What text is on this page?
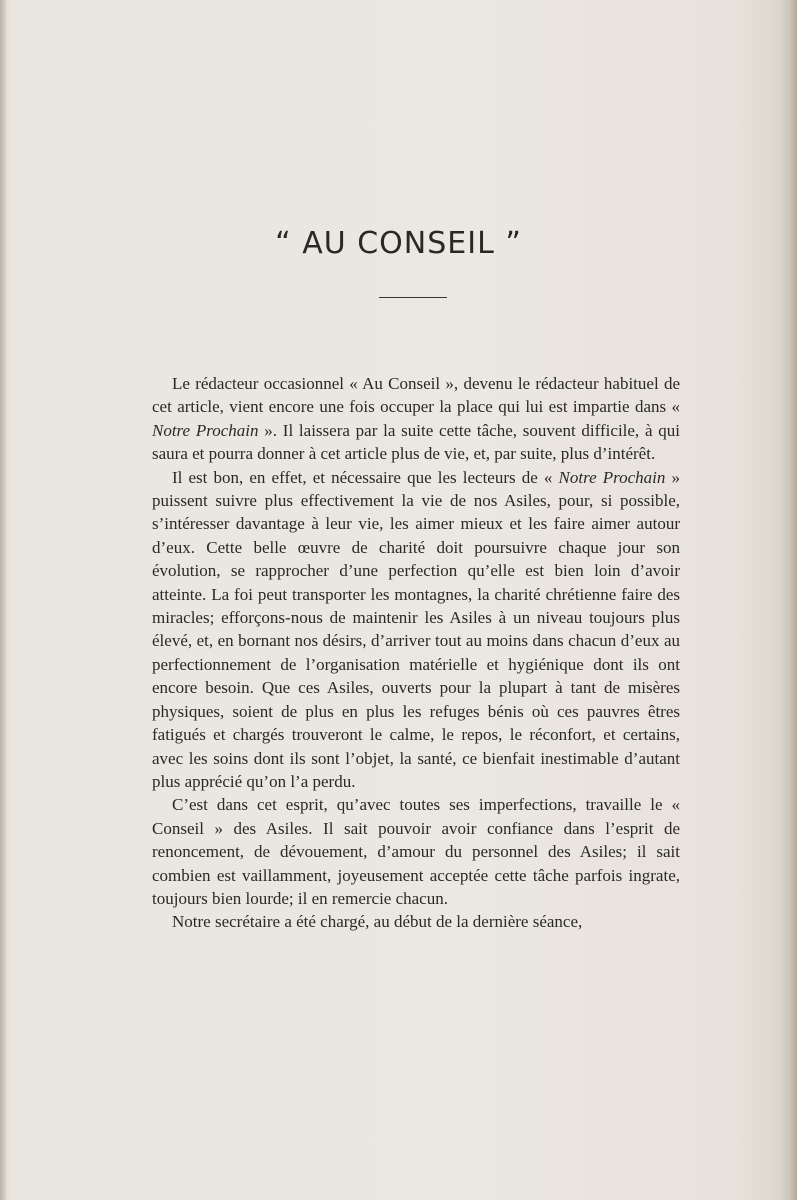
“ AU CONSEIL ”

Le rédacteur occasionnel « Au Conseil », devenu le rédacteur habituel de cet article, vient encore une fois occuper la place qui lui est impartie dans « Notre Prochain ». Il laissera par la suite cette tâche, souvent difficile, à qui saura et pourra donner à cet article plus de vie, et, par suite, plus d’intérêt.

Il est bon, en effet, et nécessaire que les lecteurs de « Notre Prochain » puissent suivre plus effectivement la vie de nos Asiles, pour, si possible, s’intéresser davantage à leur vie, les aimer mieux et les faire aimer autour d’eux. Cette belle œuvre de charité doit poursuivre chaque jour son évolution, se rapprocher d’une perfection qu’elle est bien loin d’avoir atteinte. La foi peut transporter les montagnes, la charité chrétienne faire des miracles; efforçons-nous de maintenir les Asiles à un niveau toujours plus élevé, et, en bornant nos désirs, d’arriver tout au moins dans chacun d’eux au perfectionnement de l’organisation matérielle et hygiénique dont ils ont encore besoin. Que ces Asiles, ouverts pour la plupart à tant de misères physiques, soient de plus en plus les refuges bénis où ces pauvres êtres fatigués et chargés trouveront le calme, le repos, le réconfort, et certains, avec les soins dont ils sont l’objet, la santé, ce bienfait inestimable d’autant plus apprécié qu’on l’a perdu.

C’est dans cet esprit, qu’avec toutes ses imperfections, travaille le « Conseil » des Asiles. Il sait pouvoir avoir confiance dans l’esprit de renoncement, de dévouement, d’amour du personnel des Asiles; il sait combien est vaillamment, joyeusement acceptée cette tâche parfois ingrate, toujours bien lourde; il en remercie chacun.

Notre secrétaire a été chargé, au début de la dernière séance,
